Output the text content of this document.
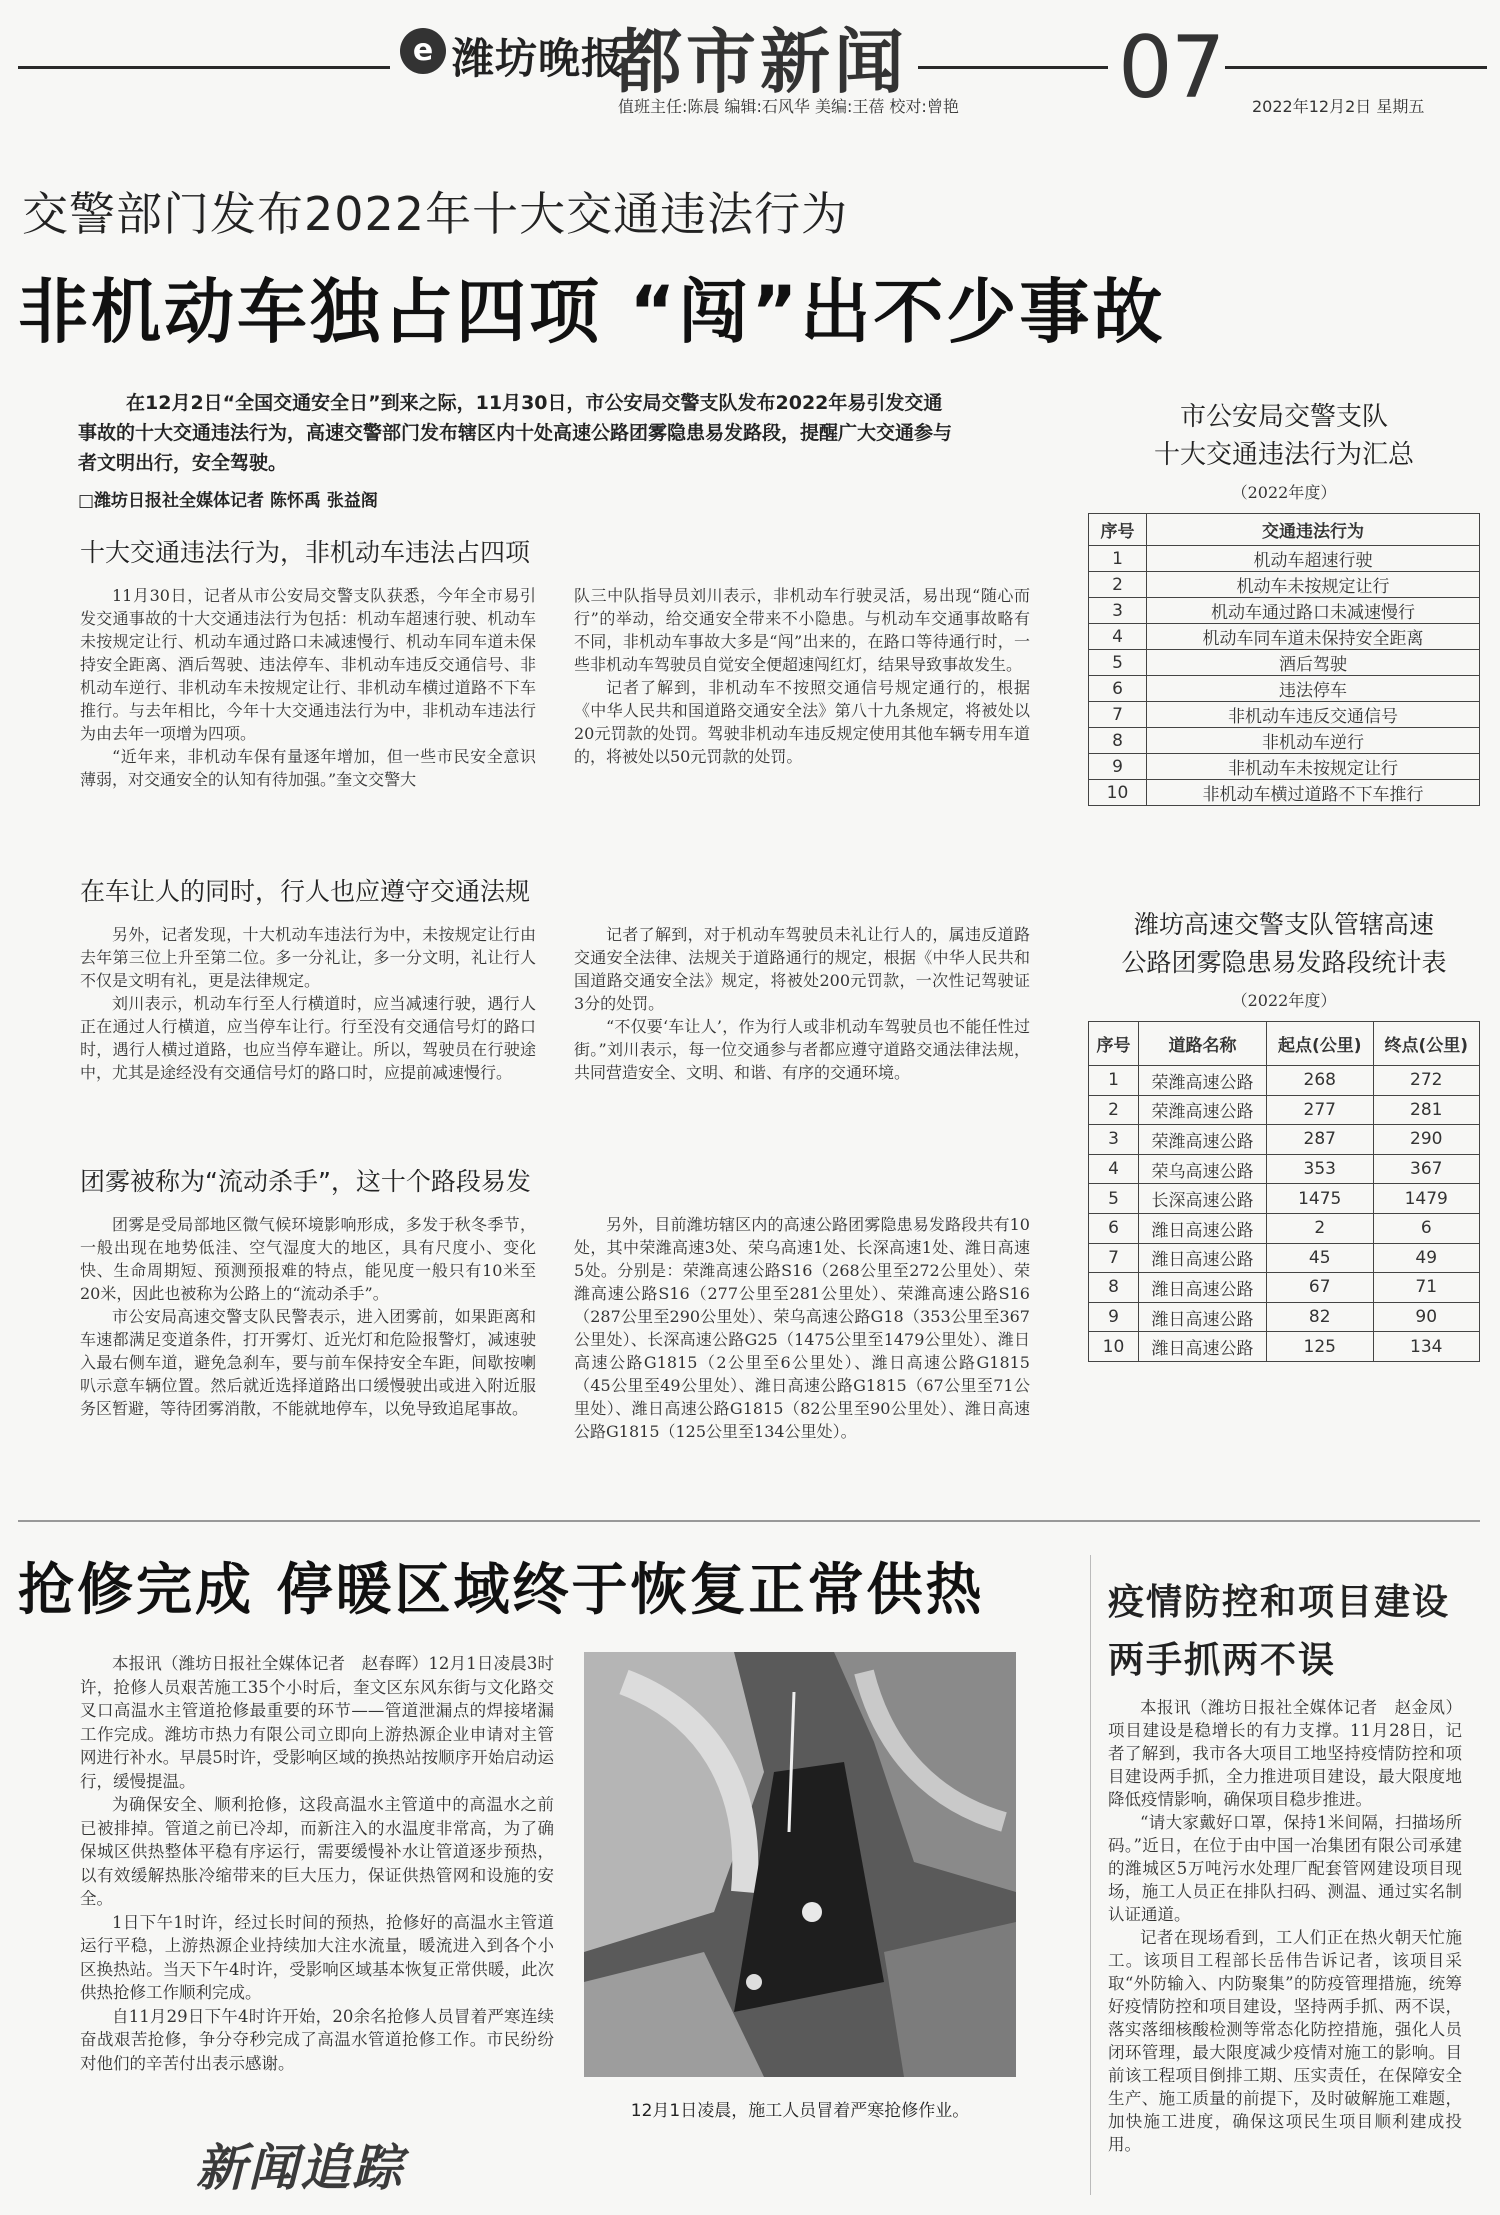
e 潍坊晚报
都市新闻 07
值班主任:陈晨 编辑:石风华 美编:王蓓 校对:曾艳	2022年12月2日 星期五
交警部门发布2022年十大交通违法行为
非机动车独占四项 “闯”出不少事故
在12月2日“全国交通安全日”到来之际，11月30日，市公安局交警支队发布2022年易引发交通事故的十大交通违法行为，高速交警部门发布辖区内十处高速公路团雾隐患易发路段，提醒广大交通参与者文明出行，安全驾驶。
□潍坊日报社全媒体记者 陈怀禹 张益阁
十大交通违法行为，非机动车违法占四项

11月30日，记者从市公安局交警支队获悉，今年全市易引发交通事故的十大交通违法行为包括：机动车超速行驶、机动车未按规定让行、机动车通过路口未减速慢行、机动车同车道未保持安全距离、酒后驾驶、违法停车、非机动车违反交通信号、非机动车逆行、非机动车未按规定让行、非机动车横过道路不下车推行。与去年相比，今年十大交通违法行为中，非机动车违法行为由去年一项增为四项。

“近年来，非机动车保有量逐年增加，但一些市民安全意识薄弱，对交通安全的认知有待加强。”奎文交警大

队三中队指导员刘川表示，非机动车行驶灵活，易出现“随心而行”的举动，给交通安全带来不小隐患。与机动车交通事故略有不同，非机动车事故大多是“闯”出来的，在路口等待通行时，一些非机动车驾驶员自觉安全便超速闯红灯，结果导致事故发生。

记者了解到，非机动车不按照交通信号规定通行的，根据《中华人民共和国道路交通安全法》第八十九条规定，将被处以20元罚款的处罚。驾驶非机动车违反规定使用其他车辆专用车道的，将被处以50元罚款的处罚。

在车让人的同时，行人也应遵守交通法规

另外，记者发现，十大机动车违法行为中，未按规定让行由去年第三位上升至第二位。多一分礼让，多一分文明，礼让行人不仅是文明有礼，更是法律规定。

刘川表示，机动车行至人行横道时，应当减速行驶，遇行人正在通过人行横道，应当停车让行。行至没有交通信号灯的路口时，遇行人横过道路，也应当停车避让。所以，驾驶员在行驶途中，尤其是途经没有交通信号灯的路口时，应提前减速慢行。

记者了解到，对于机动车驾驶员未礼让行人的，属违反道路交通安全法律、法规关于道路通行的规定，根据《中华人民共和国道路交通安全法》规定，将被处200元罚款，一次性记驾驶证3分的处罚。

“不仅要‘车让人’，作为行人或非机动车驾驶员也不能任性过街。”刘川表示，每一位交通参与者都应遵守道路交通法律法规，共同营造安全、文明、和谐、有序的交通环境。

团雾被称为“流动杀手”，这十个路段易发

团雾是受局部地区微气候环境影响形成，多发于秋冬季节，一般出现在地势低洼、空气湿度大的地区，具有尺度小、变化快、生命周期短、预测预报难的特点，能见度一般只有10米至20米，因此也被称为公路上的“流动杀手”。

市公安局高速交警支队民警表示，进入团雾前，如果距离和车速都满足变道条件，打开雾灯、近光灯和危险报警灯，减速驶入最右侧车道，避免急刹车，要与前车保持安全车距，间歇按喇叭示意车辆位置。然后就近选择道路出口缓慢驶出或进入附近服务区暂避，等待团雾消散，不能就地停车，以免导致追尾事故。

另外，目前潍坊辖区内的高速公路团雾隐患易发路段共有10处，其中荣潍高速3处、荣乌高速1处、长深高速1处、潍日高速5处。分别是：荣潍高速公路S16（268公里至272公里处）、荣潍高速公路S16（277公里至281公里处）、荣潍高速公路S16（287公里至290公里处）、荣乌高速公路G18（353公里至367公里处）、长深高速公路G25（1475公里至1479公里处）、潍日高速公路G1815（2公里至6公里处）、潍日高速公路G1815（45公里至49公里处）、潍日高速公路G1815（67公里至71公里处）、潍日高速公路G1815（82公里至90公里处）、潍日高速公路G1815（125公里至134公里处）。

市公安局交警支队
十大交通违法行为汇总
（2022年度）
序号	交通违法行为
1	机动车超速行驶
2	机动车未按规定让行
3	机动车通过路口未减速慢行
4	机动车同车道未保持安全距离
5	酒后驾驶
6	违法停车
7	非机动车违反交通信号
8	非机动车逆行
9	非机动车未按规定让行
10	非机动车横过道路不下车推行
潍坊高速交警支队管辖高速
公路团雾隐患易发路段统计表
（2022年度）
序号	道路名称	起点(公里)	终点(公里)
1	荣潍高速公路	268	272
2	荣潍高速公路	277	281
3	荣潍高速公路	287	290
4	荣乌高速公路	353	367
5	长深高速公路	1475	1479
6	潍日高速公路	2	6
7	潍日高速公路	45	49
8	潍日高速公路	67	71
9	潍日高速公路	82	90
10	潍日高速公路	125	134
抢修完成 停暖区域终于恢复正常供热

本报讯（潍坊日报社全媒体记者　赵春晖）12月1日凌晨3时许，抢修人员艰苦施工35个小时后，奎文区东风东街与文化路交叉口高温水主管道抢修最重要的环节——管道泄漏点的焊接堵漏工作完成。潍坊市热力有限公司立即向上游热源企业申请对主管网进行补水。早晨5时许，受影响区域的换热站按顺序开始启动运行，缓慢提温。

为确保安全、顺利抢修，这段高温水主管道中的高温水之前已被排掉。管道之前已冷却，而新注入的水温度非常高，为了确保城区供热整体平稳有序运行，需要缓慢补水让管道逐步预热，以有效缓解热胀冷缩带来的巨大压力，保证供热管网和设施的安全。

1日下午1时许，经过长时间的预热，抢修好的高温水主管道运行平稳，上游热源企业持续加大注水流量，暖流进入到各个小区换热站。当天下午4时许，受影响区域基本恢复正常供暖，此次供热抢修工作顺利完成。

自11月29日下午4时许开始，20余名抢修人员冒着严寒连续奋战艰苦抢修，争分夺秒完成了高温水管道抢修工作。市民纷纷对他们的辛苦付出表示感谢。

12月1日凌晨，施工人员冒着严寒抢修作业。
新闻追踪
疫情防控和项目建设
两手抓两不误

本报讯（潍坊日报社全媒体记者　赵金凤）项目建设是稳增长的有力支撑。11月28日，记者了解到，我市各大项目工地坚持疫情防控和项目建设两手抓，全力推进项目建设，最大限度地降低疫情影响，确保项目稳步推进。

“请大家戴好口罩，保持1米间隔，扫描场所码。”近日，在位于由中国一冶集团有限公司承建的潍城区5万吨污水处理厂配套管网建设项目现场，施工人员正在排队扫码、测温、通过实名制认证通道。

记者在现场看到，工人们正在热火朝天忙施工。该项目工程部长岳伟告诉记者，该项目采取“外防输入、内防聚集”的防疫管理措施，统筹好疫情防控和项目建设，坚持两手抓、两不误，落实落细核酸检测等常态化防控措施，强化人员闭环管理，最大限度减少疫情对施工的影响。目前该工程项目倒排工期、压实责任，在保障安全生产、施工质量的前提下，及时破解施工难题，加快施工进度，确保这项民生项目顺利建成投用。
